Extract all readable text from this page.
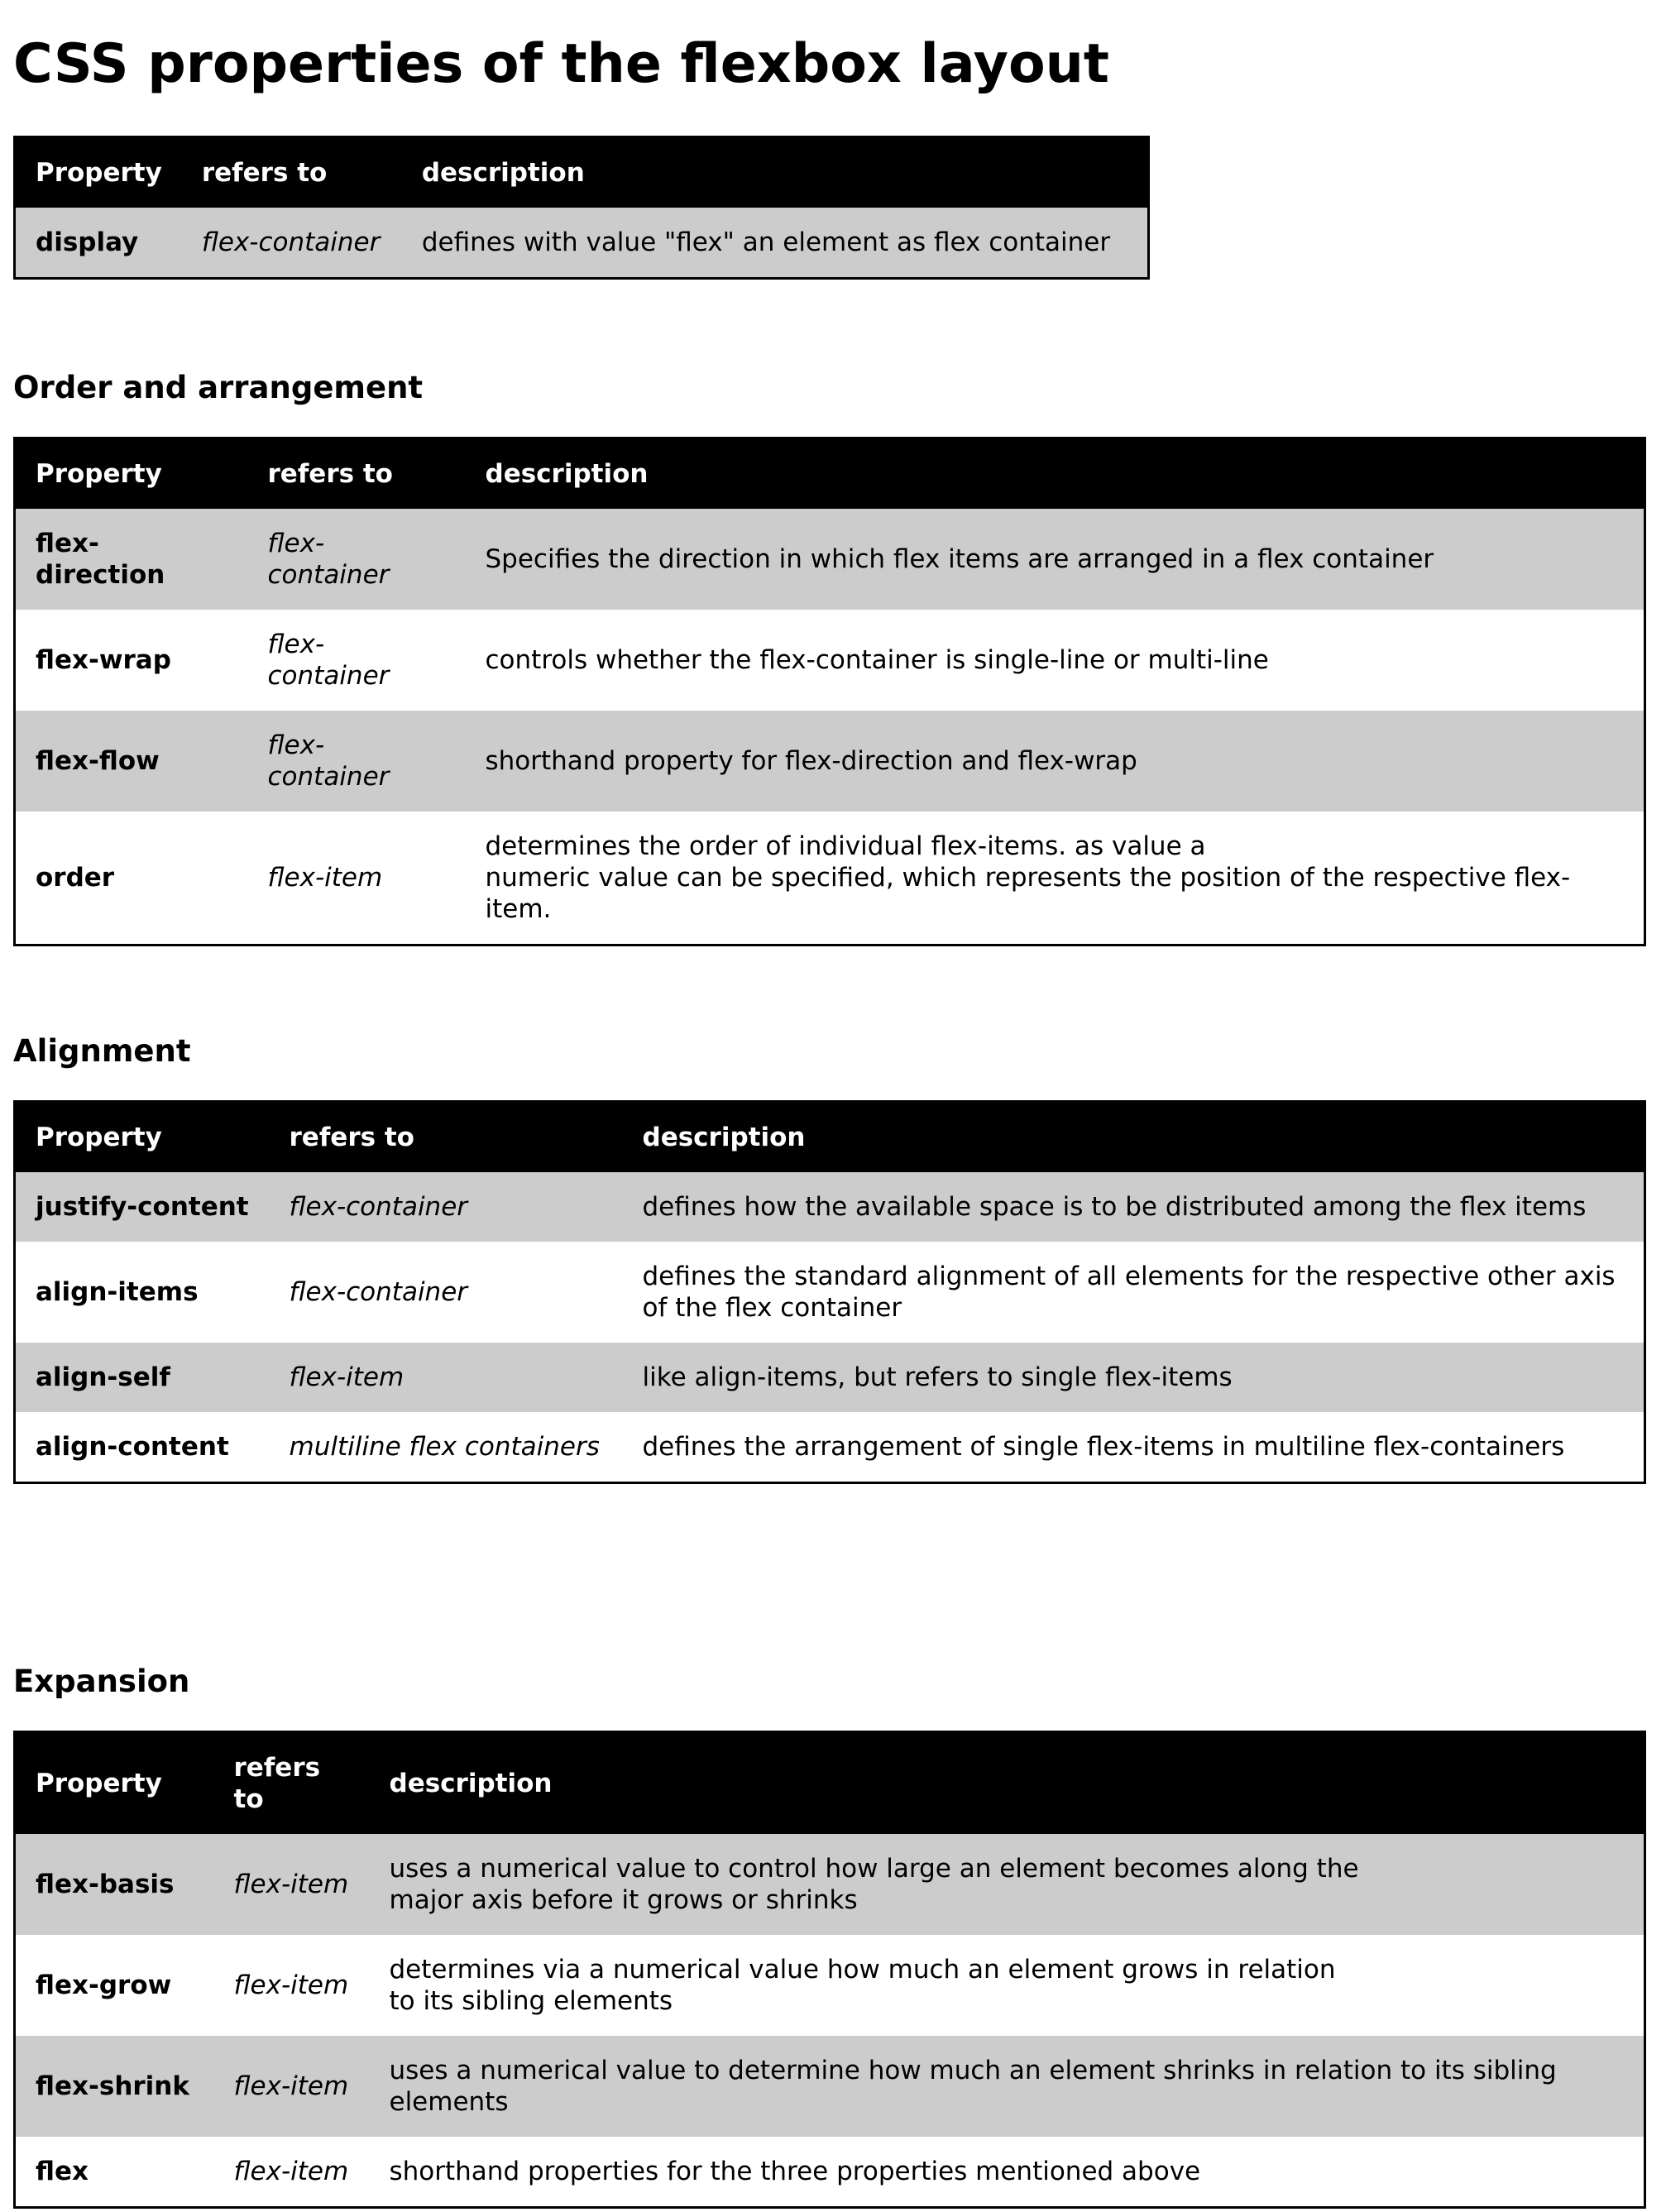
CSS properties of the flexbox layout
Property	refers to	description
display	flex-container	defines with value "flex" an element as flex container
Order and arrangement
Property	refers to	description
flex-direction	flex-container	Specifies the direction in which flex items are arranged in a flex container

flex-wrap	flex-container	controls whether the flex-container is single-line or multi-line

flex-flow	flex-container	shorthand property for flex-direction and flex-wrap

order	flex-item	determines the order of individual flex-items. as value a
numeric value can be specified, which represents the position of the respective flex-item.
Alignment
Property	refers to	description
justify-content	flex-container	defines how the available space is to be distributed among the flex items

align-items	flex-container	defines the standard alignment of all elements for the respective other axis
of the flex container

align-self	flex-item	like align-items, but refers to single flex-items

align-content	multiline flex containers	defines the arrangement of single flex-items in multiline flex-containers
Expansion
Property	refers to	description
flex-basis	flex-item	uses a numerical value to control how large an element becomes along the
major axis before it grows or shrinks

flex-grow	flex-item	determines via a numerical value how much an element grows in relation
to its sibling elements

flex-shrink	flex-item	uses a numerical value to determine how much an element shrinks in relation to its sibling elements

flex	flex-item	shorthand properties for the three properties mentioned above
